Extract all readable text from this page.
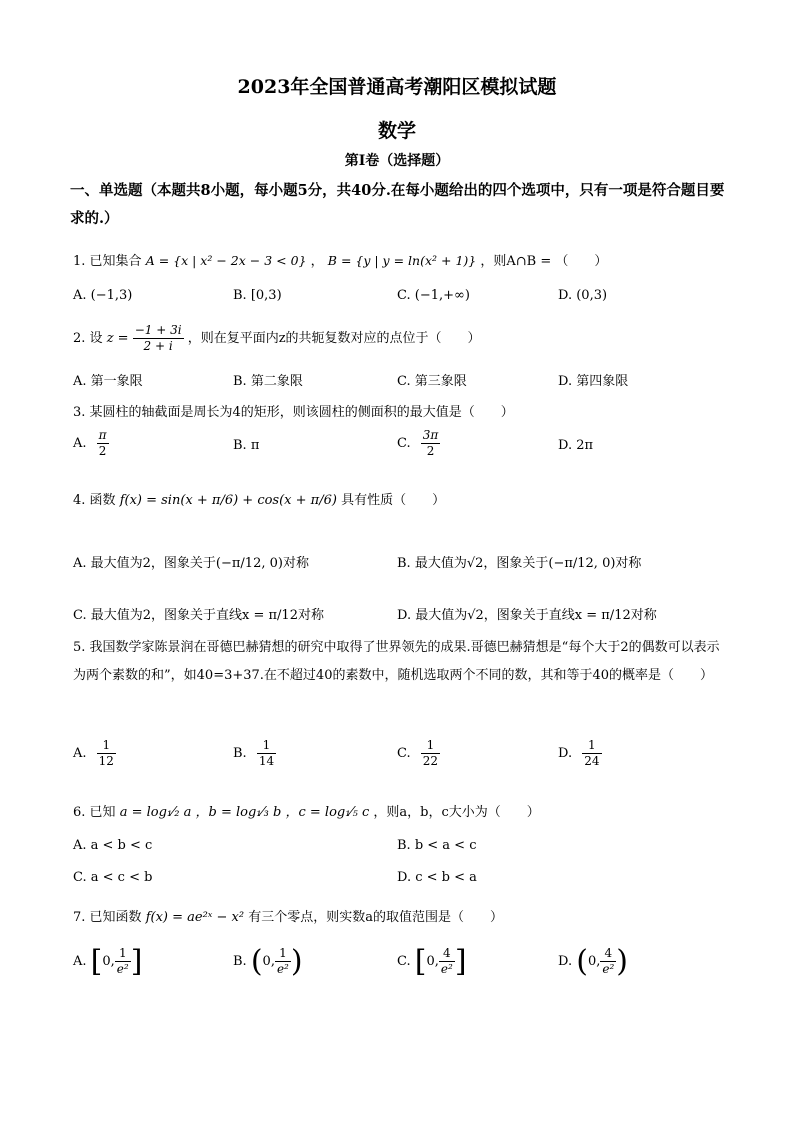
2023年全国普通高考潮阳区模拟试题
数学
第Ⅰ卷（选择题）
一、单选题（本题共8小题，每小题5分，共40分.在每小题给出的四个选项中，只有一项是符合题目要求的.）
1. 已知集合 A = {x | x² − 2x − 3 < 0} ， B = {y | y = ln(x² + 1)} ，则A∩B = （　　）
A. (−1,3)	B. [0,3)	C. (−1,+∞)	D. (0,3)
2. 设 $z = \frac{-1 + 3i}{2 + i}$ ，则在复平面内z的共轭复数对应的点位于（　　）
A. 第一象限	B. 第二象限	C. 第三象限	D. 第四象限
3. 某圆柱的轴截面是周长为4的矩形，则该圆柱的侧面积的最大值是（　　）
A. $\frac{\pi}{2}$	B. π	C. $\frac{3\pi}{2}$	D. 2π
4. 函数 f(x) = sin(x + π/6) + cos(x + π/6) 具有性质（　　）
A. 最大值为2，图象关于(−π/12, 0)对称	B. 最大值为√2，图象关于(−π/12, 0)对称
C. 最大值为2，图象关于直线x = π/12对称	D. 最大值为√2，图象关于直线x = π/12对称
5. 我国数学家陈景润在哥德巴赫猜想的研究中取得了世界领先的成果.哥德巴赫猜想是“每个大于2的偶数可以表示为两个素数的和”，如40=3+37.在不超过40的素数中，随机选取两个不同的数，其和等于40的概率是（　　）
A. $\frac{1}{12}$	B. $\frac{1}{14}$	C. $\frac{1}{22}$	D. $\frac{1}{24}$
6. 已知 a = log₁⁄₂ a ，b = log₁⁄₃ b ，c = log₁⁄₅ c ，则a，b，c大小为（　　）
A. a < b < c	B. b < a < c
C. a < c < b	D. c < b < a
7. 已知函数 f(x) = ae²ˣ − x² 有三个零点，则实数a的取值范围是（　　）
A. [0, $\frac{1}{\text{e²}}$ ]	B. (0, $\frac{1}{\text{e²}}$ )	C. [0, $\frac{4}{\text{e²}}$ ]	D. (0, $\frac{4}{\text{e²}}$ )
